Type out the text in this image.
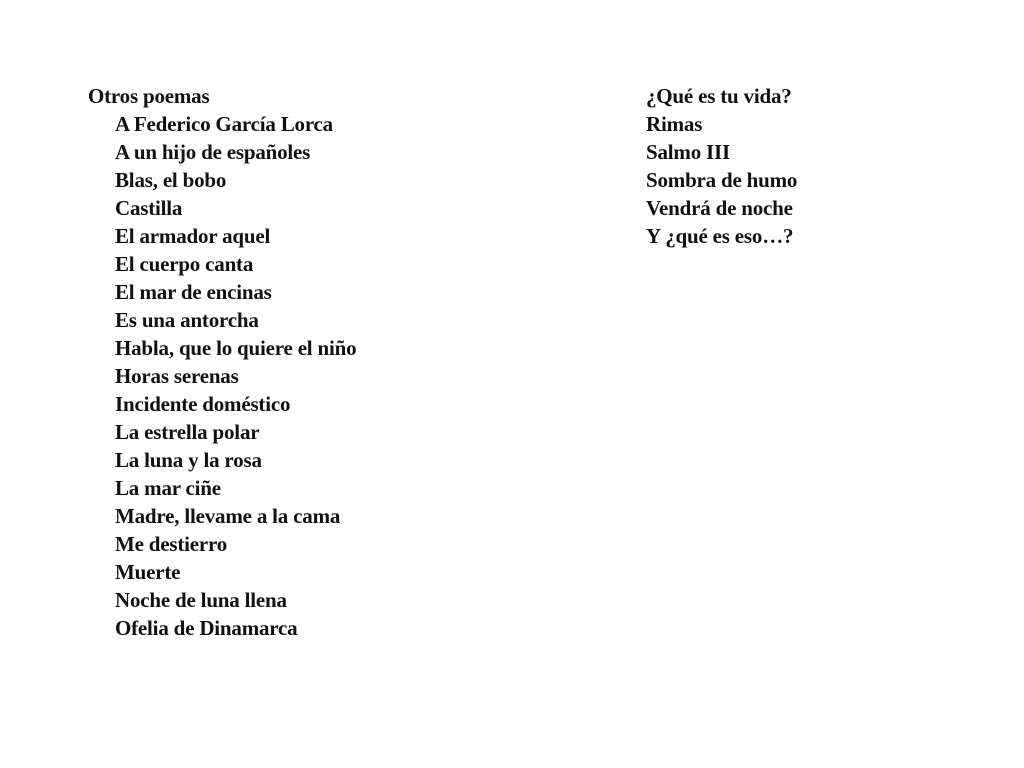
Otros poemas
A Federico García Lorca
A un hijo de españoles
Blas, el bobo
Castilla
El armador aquel
El cuerpo canta
El mar de encinas
Es una antorcha
Habla, que lo quiere el niño
Horas serenas
Incidente doméstico
La estrella polar
La luna y la rosa
La mar ciñe
Madre, llevame a la cama
Me destierro
Muerte
Noche de luna llena
Ofelia de Dinamarca
¿Qué es tu vida?
Rimas
Salmo III
Sombra de humo
Vendrá de noche
Y ¿qué es eso…?
